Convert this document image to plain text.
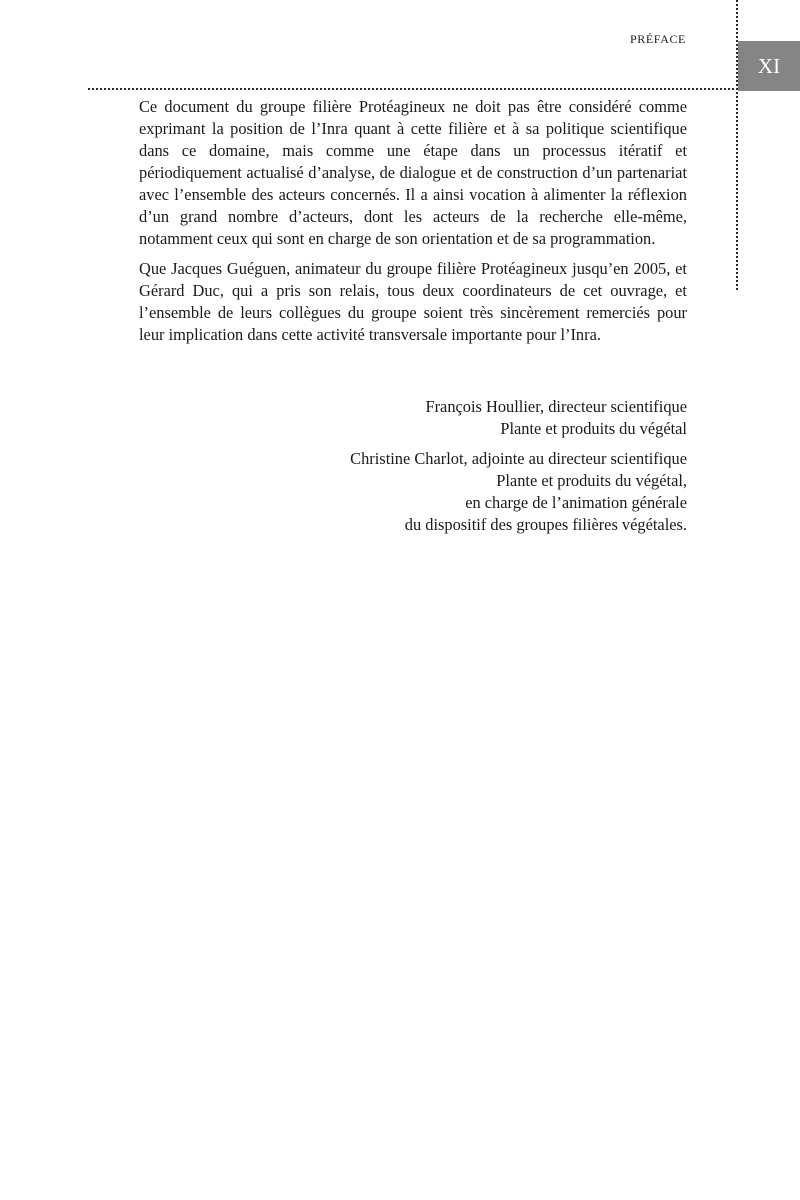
PRÉFACE
XI

Ce document du groupe filière Protéagineux ne doit pas être considéré comme exprimant la position de l’Inra quant à cette filière et à sa politique scientifique dans ce domaine, mais comme une étape dans un processus itératif et périodiquement actualisé d’analyse, de dialogue et de construction d’un partenariat avec l’ensemble des acteurs concernés. Il a ainsi vocation à alimenter la réflexion d’un grand nombre d’acteurs, dont les acteurs de la recherche elle-même, notamment ceux qui sont en charge de son orientation et de sa programmation.

Que Jacques Guéguen, animateur du groupe filière Protéagineux jusqu’en 2005, et Gérard Duc, qui a pris son relais, tous deux coordinateurs de cet ouvrage, et l’ensemble de leurs collègues du groupe soient très sincèrement remerciés pour leur implication dans cette activité transversale importante pour l’Inra.

François Houllier, directeur scientifique
Plante et produits du végétal
Christine Charlot, adjointe au directeur scientifique
Plante et produits du végétal,
en charge de l’animation générale
du dispositif des groupes filières végétales.
